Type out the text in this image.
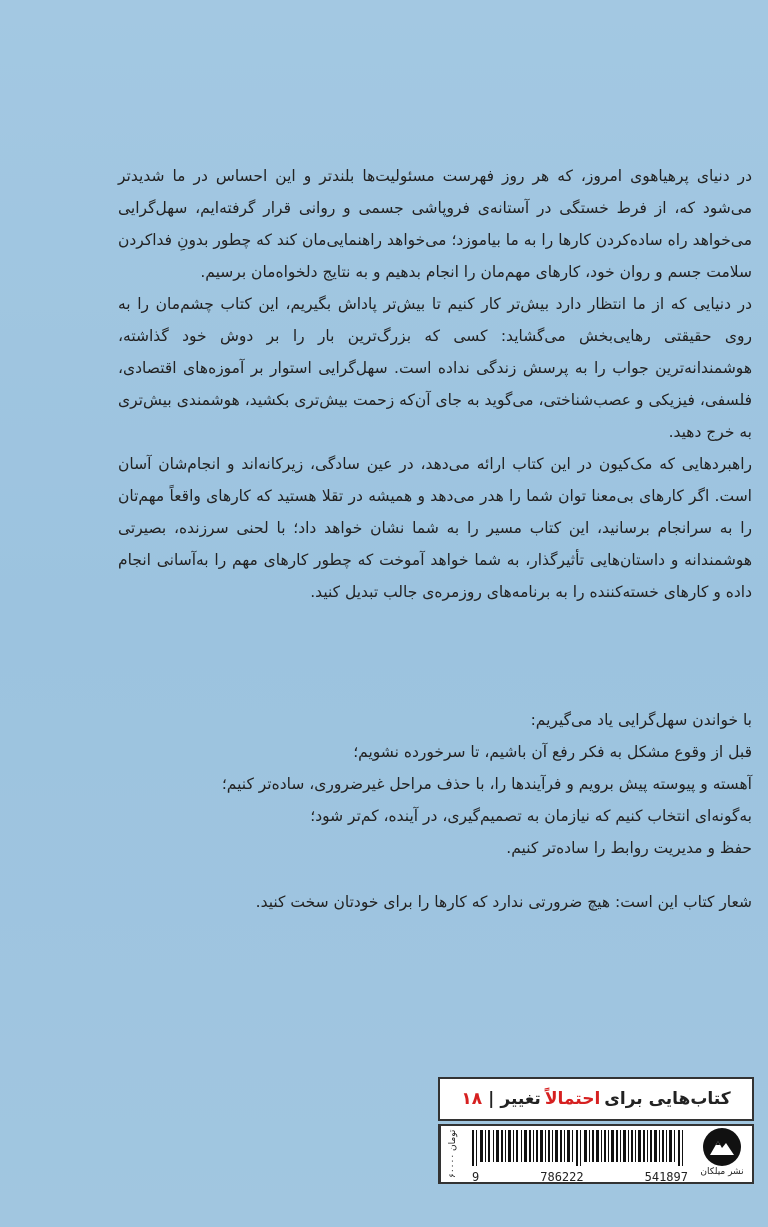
در دنیای پرهیاهوی امروز، که هر روز فهرست مسئولیت‌ها بلندتر و این احساس در ما شدیدتر می‌شود که، از فرط خستگی در آستانه‌ی فروپاشی جسمی و روانی قرار گرفته‌ایم، سهل‌گرایی می‌خواهد راه ساده‌کردن کارها را به ما بیاموزد؛ می‌خواهد راهنمایی‌مان کند که چطور بدونِ فداکردن سلامت جسم و روان خود، کارهای مهم‌مان را انجام بدهیم و به نتایج دلخواه‌مان برسیم.

در دنیایی که از ما انتظار دارد بیش‌تر کار کنیم تا بیش‌تر پاداش بگیریم، این کتاب چشم‌مان را به روی حقیقتی رهایی‌بخش می‌گشاید: کسی که بزرگ‌ترین بار را بر دوش خود گذاشته، هوشمندانه‌ترین جواب را به پرسش زندگی نداده است. سهل‌گرایی استوار بر آموزه‌های اقتصادی، فلسفی، فیزیکی و عصب‌شناختی، می‌گوید به جای آن‌که زحمت بیش‌تری بکشید، هوشمندی بیش‌تری به خرج دهید.

راهبردهایی که مک‌کیون در این کتاب ارائه می‌دهد، در عین سادگی، زیرکانه‌اند و انجام‌شان آسان است. اگر کارهای بی‌معنا توان شما را هدر می‌دهد و همیشه در تقلا هستید که کارهای واقعاً مهم‌تان را به سرانجام برسانید، این کتاب مسیر را به شما نشان خواهد داد؛ با لحنی سرزنده، بصیرتی هوشمندانه و داستان‌هایی تأثیرگذار، به شما خواهد آموخت که چطور کارهای مهم را به‌آسانی انجام داده و کارهای خسته‌کننده را به برنامه‌های روزمره‌ی جالب تبدیل کنید.

با خواندن سهل‌گرایی یاد می‌گیریم:
قبل از وقوع مشکل به فکر رفع آن باشیم، تا سرخورده نشویم؛
آهسته و پیوسته پیش برویم و فرآیندها را، با حذف مراحل غیرضروری، ساده‌تر کنیم؛
به‌گونه‌ای انتخاب کنیم که نیازمان به تصمیم‌گیری، در آینده، کم‌تر شود؛
حفظ و مدیریت روابط را ساده‌تر کنیم.
شعار کتاب این است: هیچ ضرورتی ندارد که کارها را برای خودتان سخت کنید.
کتاب‌هایی برای
احتمالاً
تغییر
|
۱۸
۶۰۰۰۰ تومان
9	786222	541897 نشر میلکان
